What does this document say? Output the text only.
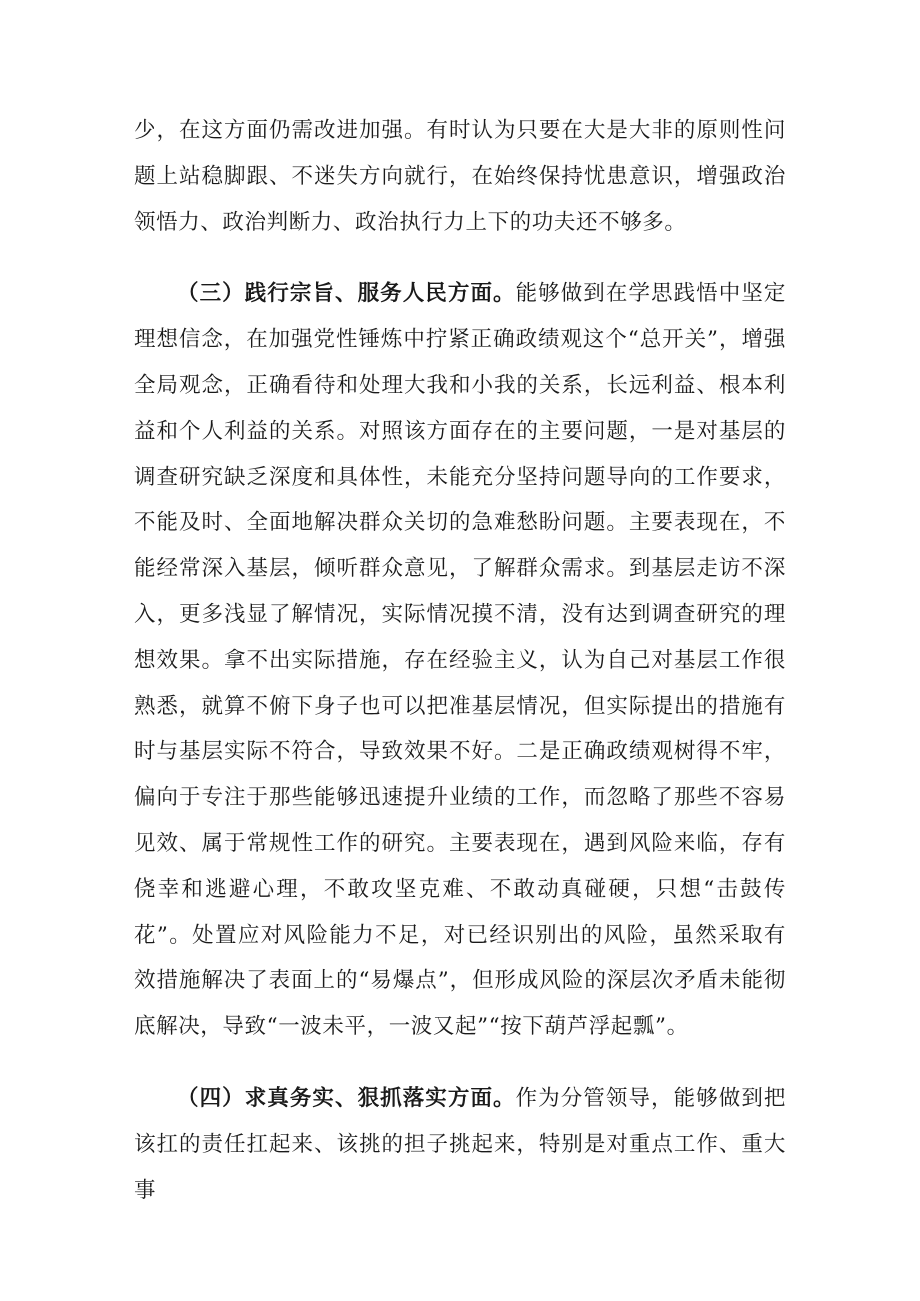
少，在这方面仍需改进加强。有时认为只要在大是大非的原则性问题上站稳脚跟、不迷失方向就行，在始终保持忧患意识，增强政治领悟力、政治判断力、政治执行力上下的功夫还不够多。

（三）践行宗旨、服务人民方面。能够做到在学思践悟中坚定理想信念，在加强党性锤炼中拧紧正确政绩观这个“总开关”，增强全局观念，正确看待和处理大我和小我的关系，长远利益、根本利益和个人利益的关系。对照该方面存在的主要问题，一是对基层的调查研究缺乏深度和具体性，未能充分坚持问题导向的工作要求，不能及时、全面地解决群众关切的急难愁盼问题。主要表现在，不能经常深入基层，倾听群众意见，了解群众需求。到基层走访不深入，更多浅显了解情况，实际情况摸不清，没有达到调查研究的理想效果。拿不出实际措施，存在经验主义，认为自己对基层工作很熟悉，就算不俯下身子也可以把准基层情况，但实际提出的措施有时与基层实际不符合，导致效果不好。二是正确政绩观树得不牢，偏向于专注于那些能够迅速提升业绩的工作，而忽略了那些不容易见效、属于常规性工作的研究。主要表现在，遇到风险来临，存有侥幸和逃避心理，不敢攻坚克难、不敢动真碰硬，只想“击鼓传花”。处置应对风险能力不足，对已经识别出的风险，虽然采取有效措施解决了表面上的“易爆点”，但形成风险的深层次矛盾未能彻底解决，导致“一波未平，一波又起”“按下葫芦浮起瓢”。

（四）求真务实、狠抓落实方面。作为分管领导，能够做到把该扛的责任扛起来、该挑的担子挑起来，特别是对重点工作、重大事
